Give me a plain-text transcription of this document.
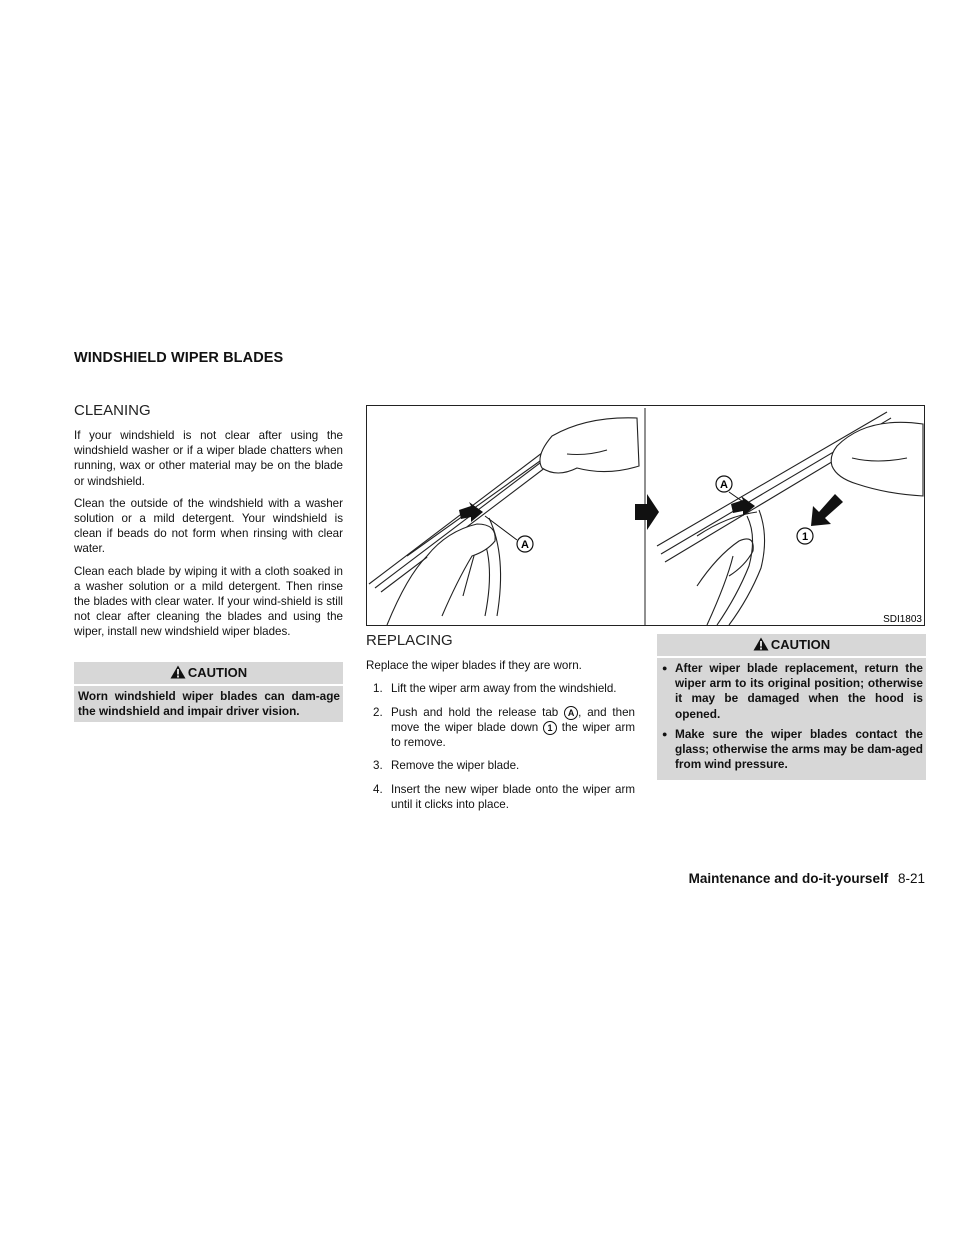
WINDSHIELD WIPER BLADES
CLEANING

If your windshield is not clear after using the windshield washer or if a wiper blade chatters when running, wax or other material may be on the blade or windshield.

Clean the outside of the windshield with a washer solution or a mild detergent. Your windshield is clean if beads do not form when rinsing with clear water.

Clean each blade by wiping it with a cloth soaked in a washer solution or a mild detergent. Then rinse the blades with clear water. If your wind-shield is still not clear after cleaning the blades and using the wiper, install new windshield wiper blades.

CAUTION
Worn windshield wiper blades can dam-age the windshield and impair driver vision.
A
A
1
SDI1803
REPLACING

Replace the wiper blades if they are worn.

1. Lift the wiper arm away from the windshield.
2. Push and hold the release tab A , and then move the wiper blade down 1 the wiper arm to remove.
3. Remove the wiper blade.
4. Insert the new wiper blade onto the wiper arm until it clicks into place.
CAUTION
● After wiper blade replacement, return the wiper arm to its original position; otherwise it may be damaged when the hood is opened.
● Make sure the wiper blades contact the glass; otherwise the arms may be dam-aged from wind pressure.
Maintenance and do-it-yourself 8-21
